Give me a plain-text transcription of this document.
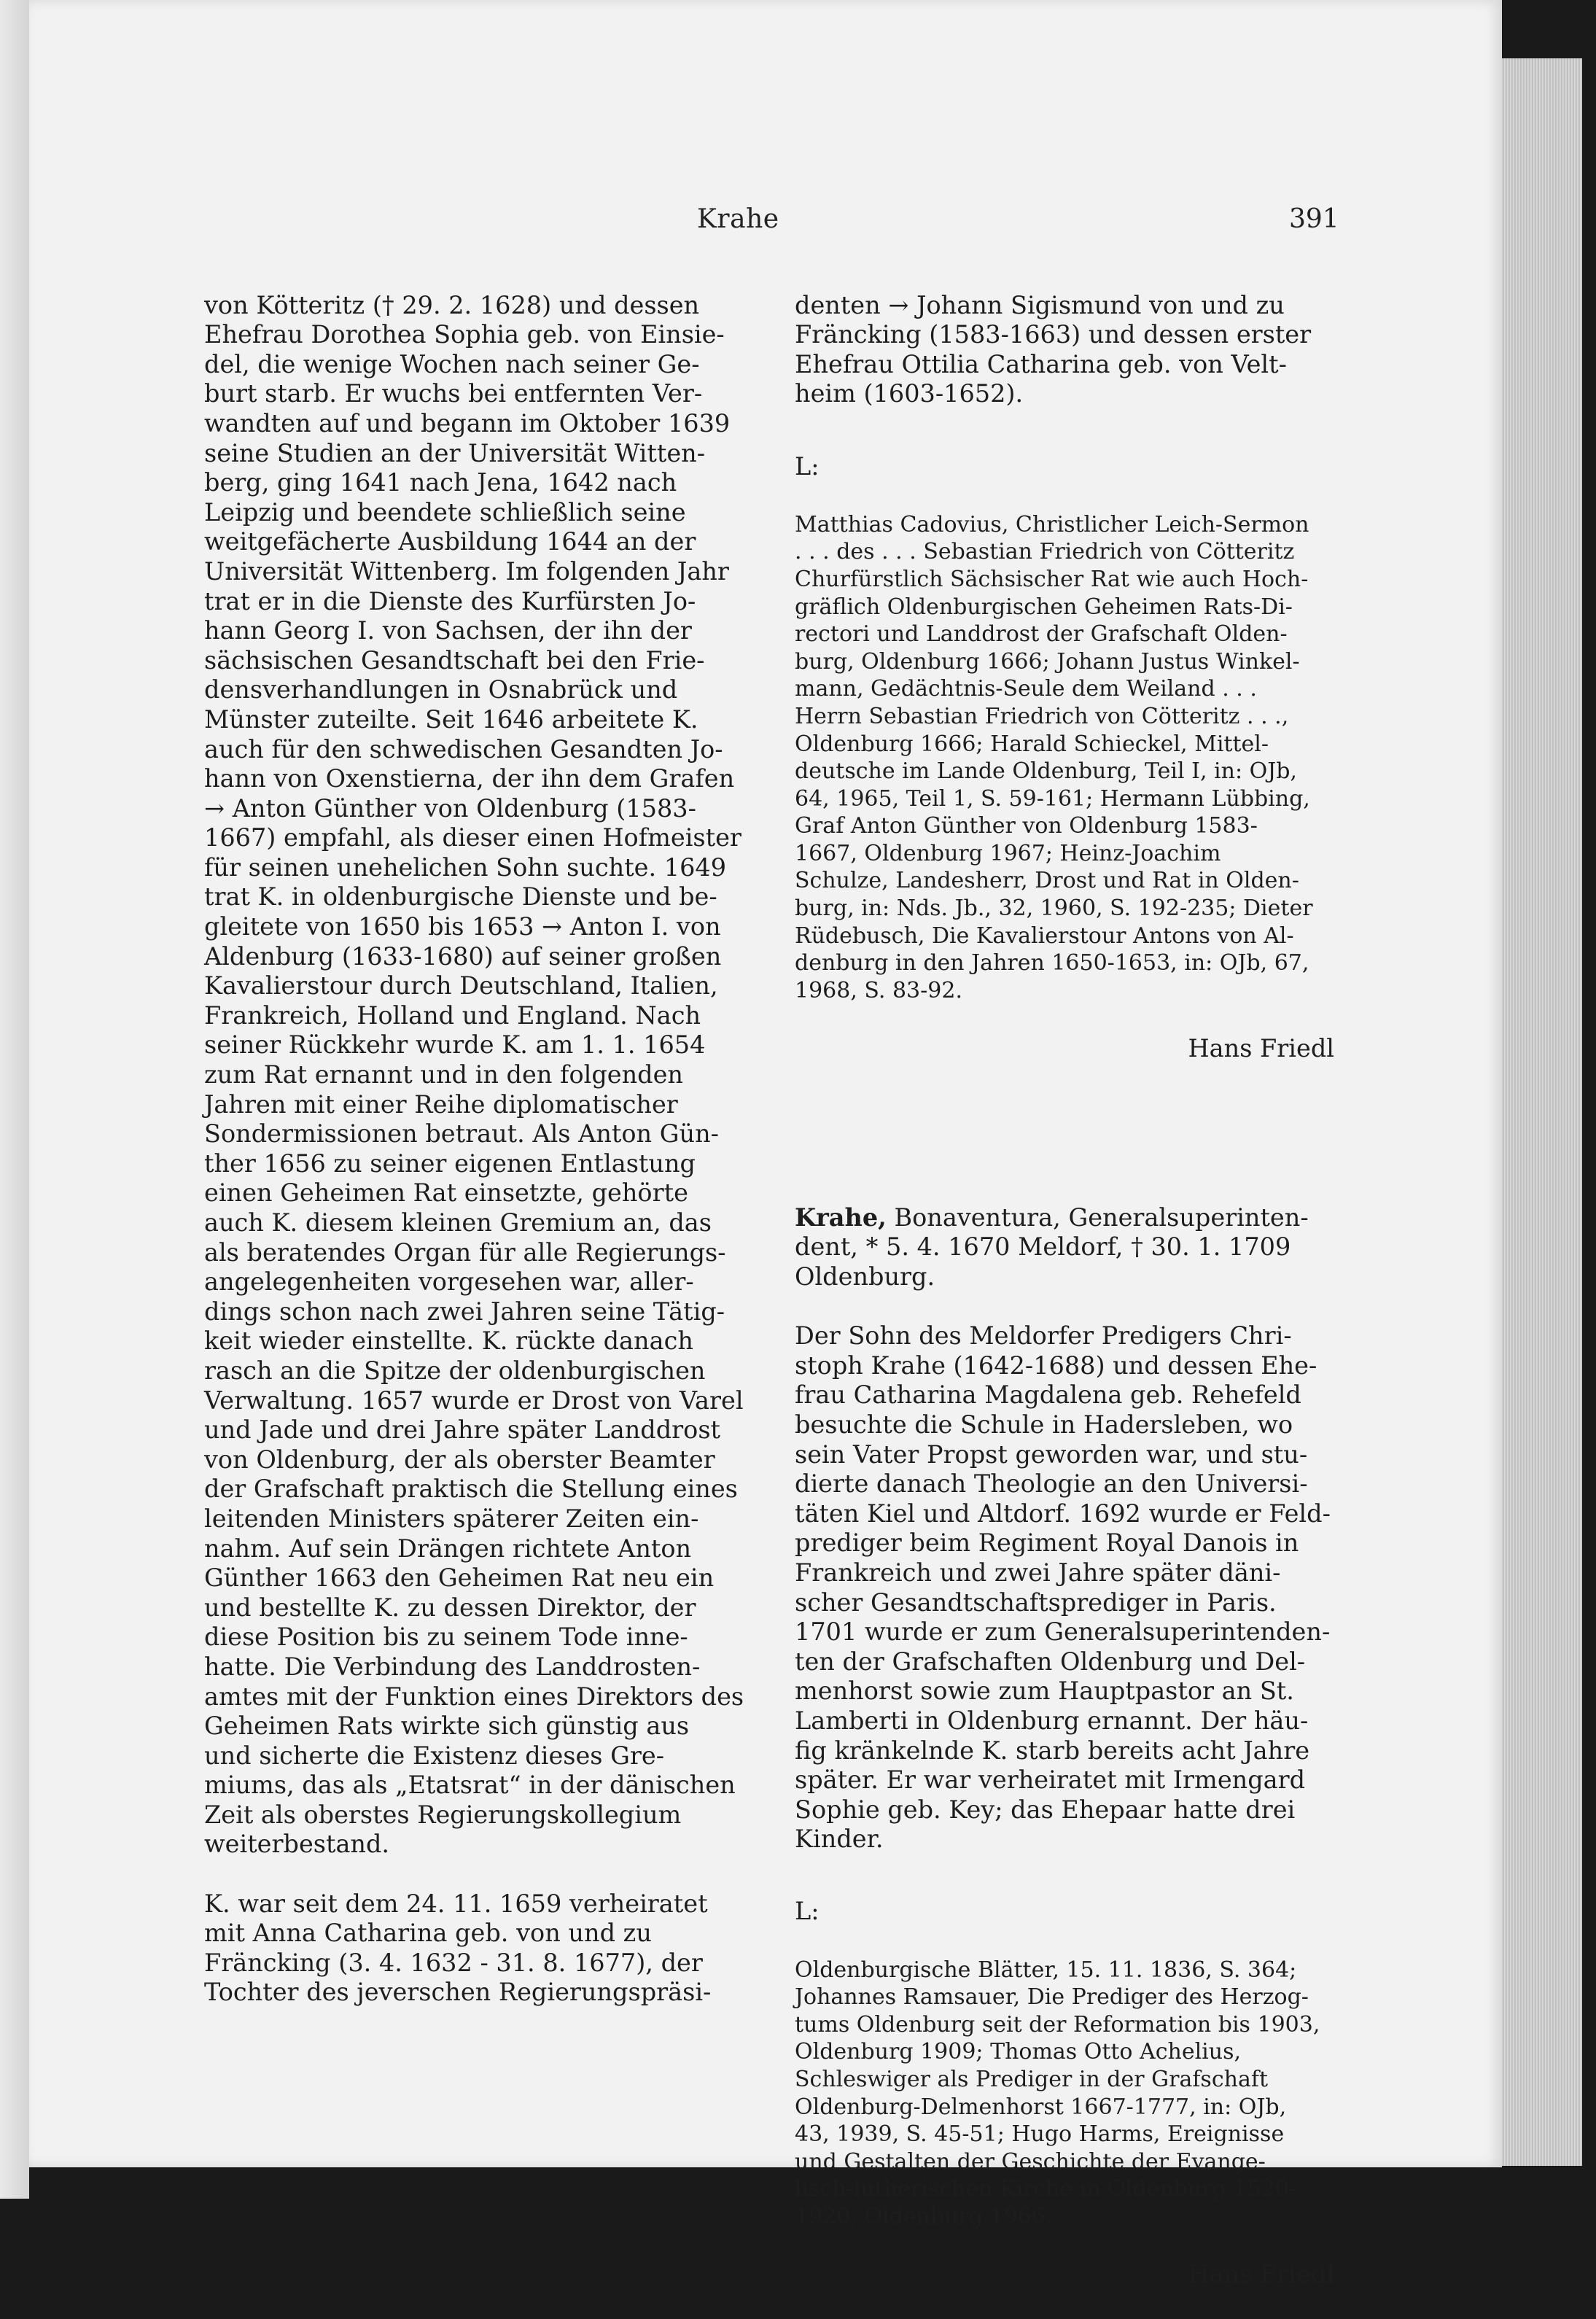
Krahe	391

von Kötteritz († 29. 2. 1628) und dessen
Ehefrau Dorothea Sophia geb. von Einsie-
del, die wenige Wochen nach seiner Ge-
burt starb. Er wuchs bei entfernten Ver-
wandten auf und begann im Oktober 1639
seine Studien an der Universität Witten-
berg, ging 1641 nach Jena, 1642 nach
Leipzig und beendete schließlich seine
weitgefächerte Ausbildung 1644 an der
Universität Wittenberg. Im folgenden Jahr
trat er in die Dienste des Kurfürsten Jo-
hann Georg I. von Sachsen, der ihn der
sächsischen Gesandtschaft bei den Frie-
densverhandlungen in Osnabrück und
Münster zuteilte. Seit 1646 arbeitete K.
auch für den schwedischen Gesandten Jo-
hann von Oxenstierna, der ihn dem Grafen
→ Anton Günther von Oldenburg (1583-
1667) empfahl, als dieser einen Hofmeister
für seinen unehelichen Sohn suchte. 1649
trat K. in oldenburgische Dienste und be-
gleitete von 1650 bis 1653 → Anton I. von
Aldenburg (1633-1680) auf seiner großen
Kavalierstour durch Deutschland, Italien,
Frankreich, Holland und England. Nach
seiner Rückkehr wurde K. am 1. 1. 1654
zum Rat ernannt und in den folgenden
Jahren mit einer Reihe diplomatischer
Sondermissionen betraut. Als Anton Gün-
ther 1656 zu seiner eigenen Entlastung
einen Geheimen Rat einsetzte, gehörte
auch K. diesem kleinen Gremium an, das
als beratendes Organ für alle Regierungs-
angelegenheiten vorgesehen war, aller-
dings schon nach zwei Jahren seine Tätig-
keit wieder einstellte. K. rückte danach
rasch an die Spitze der oldenburgischen
Verwaltung. 1657 wurde er Drost von Varel
und Jade und drei Jahre später Landdrost
von Oldenburg, der als oberster Beamter
der Grafschaft praktisch die Stellung eines
leitenden Ministers späterer Zeiten ein-
nahm. Auf sein Drängen richtete Anton
Günther 1663 den Geheimen Rat neu ein
und bestellte K. zu dessen Direktor, der
diese Position bis zu seinem Tode inne-
hatte. Die Verbindung des Landdrosten-
amtes mit der Funktion eines Direktors des
Geheimen Rats wirkte sich günstig aus
und sicherte die Existenz dieses Gre-
miums, das als „Etatsrat“ in der dänischen
Zeit als oberstes Regierungskollegium
weiterbestand.

K. war seit dem 24. 11. 1659 verheiratet
mit Anna Catharina geb. von und zu
Fräncking (3. 4. 1632 - 31. 8. 1677), der
Tochter des jeverschen Regierungspräsi-

denten → Johann Sigismund von und zu
Fräncking (1583-1663) und dessen erster
Ehefrau Ottilia Catharina geb. von Velt-
heim (1603-1652).

L:

Matthias Cadovius, Christlicher Leich-Sermon
. . . des . . . Sebastian Friedrich von Cötteritz
Churfürstlich Sächsischer Rat wie auch Hoch-
gräflich Oldenburgischen Geheimen Rats-Di-
rectori und Landdrost der Grafschaft Olden-
burg, Oldenburg 1666; Johann Justus Winkel-
mann, Gedächtnis-Seule dem Weiland . . .
Herrn Sebastian Friedrich von Cötteritz . . .,
Oldenburg 1666; Harald Schieckel, Mittel-
deutsche im Lande Oldenburg, Teil I, in: OJb,
64, 1965, Teil 1, S. 59-161; Hermann Lübbing,
Graf Anton Günther von Oldenburg 1583-
1667, Oldenburg 1967; Heinz-Joachim
Schulze, Landesherr, Drost und Rat in Olden-
burg, in: Nds. Jb., 32, 1960, S. 192-235; Dieter
Rüdebusch, Die Kavalierstour Antons von Al-
denburg in den Jahren 1650-1653, in: OJb, 67,
1968, S. 83-92.

Hans Friedl

Krahe, Bonaventura, Generalsuperinten-
dent, * 5. 4. 1670 Meldorf, † 30. 1. 1709
Oldenburg.

Der Sohn des Meldorfer Predigers Chri-
stoph Krahe (1642-1688) und dessen Ehe-
frau Catharina Magdalena geb. Rehefeld
besuchte die Schule in Hadersleben, wo
sein Vater Propst geworden war, und stu-
dierte danach Theologie an den Universi-
täten Kiel und Altdorf. 1692 wurde er Feld-
prediger beim Regiment Royal Danois in
Frankreich und zwei Jahre später däni-
scher Gesandtschaftsprediger in Paris.
1701 wurde er zum Generalsuperintenden-
ten der Grafschaften Oldenburg und Del-
menhorst sowie zum Hauptpastor an St.
Lamberti in Oldenburg ernannt. Der häu-
fig kränkelnde K. starb bereits acht Jahre
später. Er war verheiratet mit Irmengard
Sophie geb. Key; das Ehepaar hatte drei
Kinder.

L:

Oldenburgische Blätter, 15. 11. 1836, S. 364;
Johannes Ramsauer, Die Prediger des Herzog-
tums Oldenburg seit der Reformation bis 1903,
Oldenburg 1909; Thomas Otto Achelius,
Schleswiger als Prediger in der Grafschaft
Oldenburg-Delmenhorst 1667-1777, in: OJb,
43, 1939, S. 45-51; Hugo Harms, Ereignisse
und Gestalten der Geschichte der Evange-
lisch-lutherischen Kirche in Oldenburg 1520-
1920, Oldenburg 1966.

Hans Friedl
